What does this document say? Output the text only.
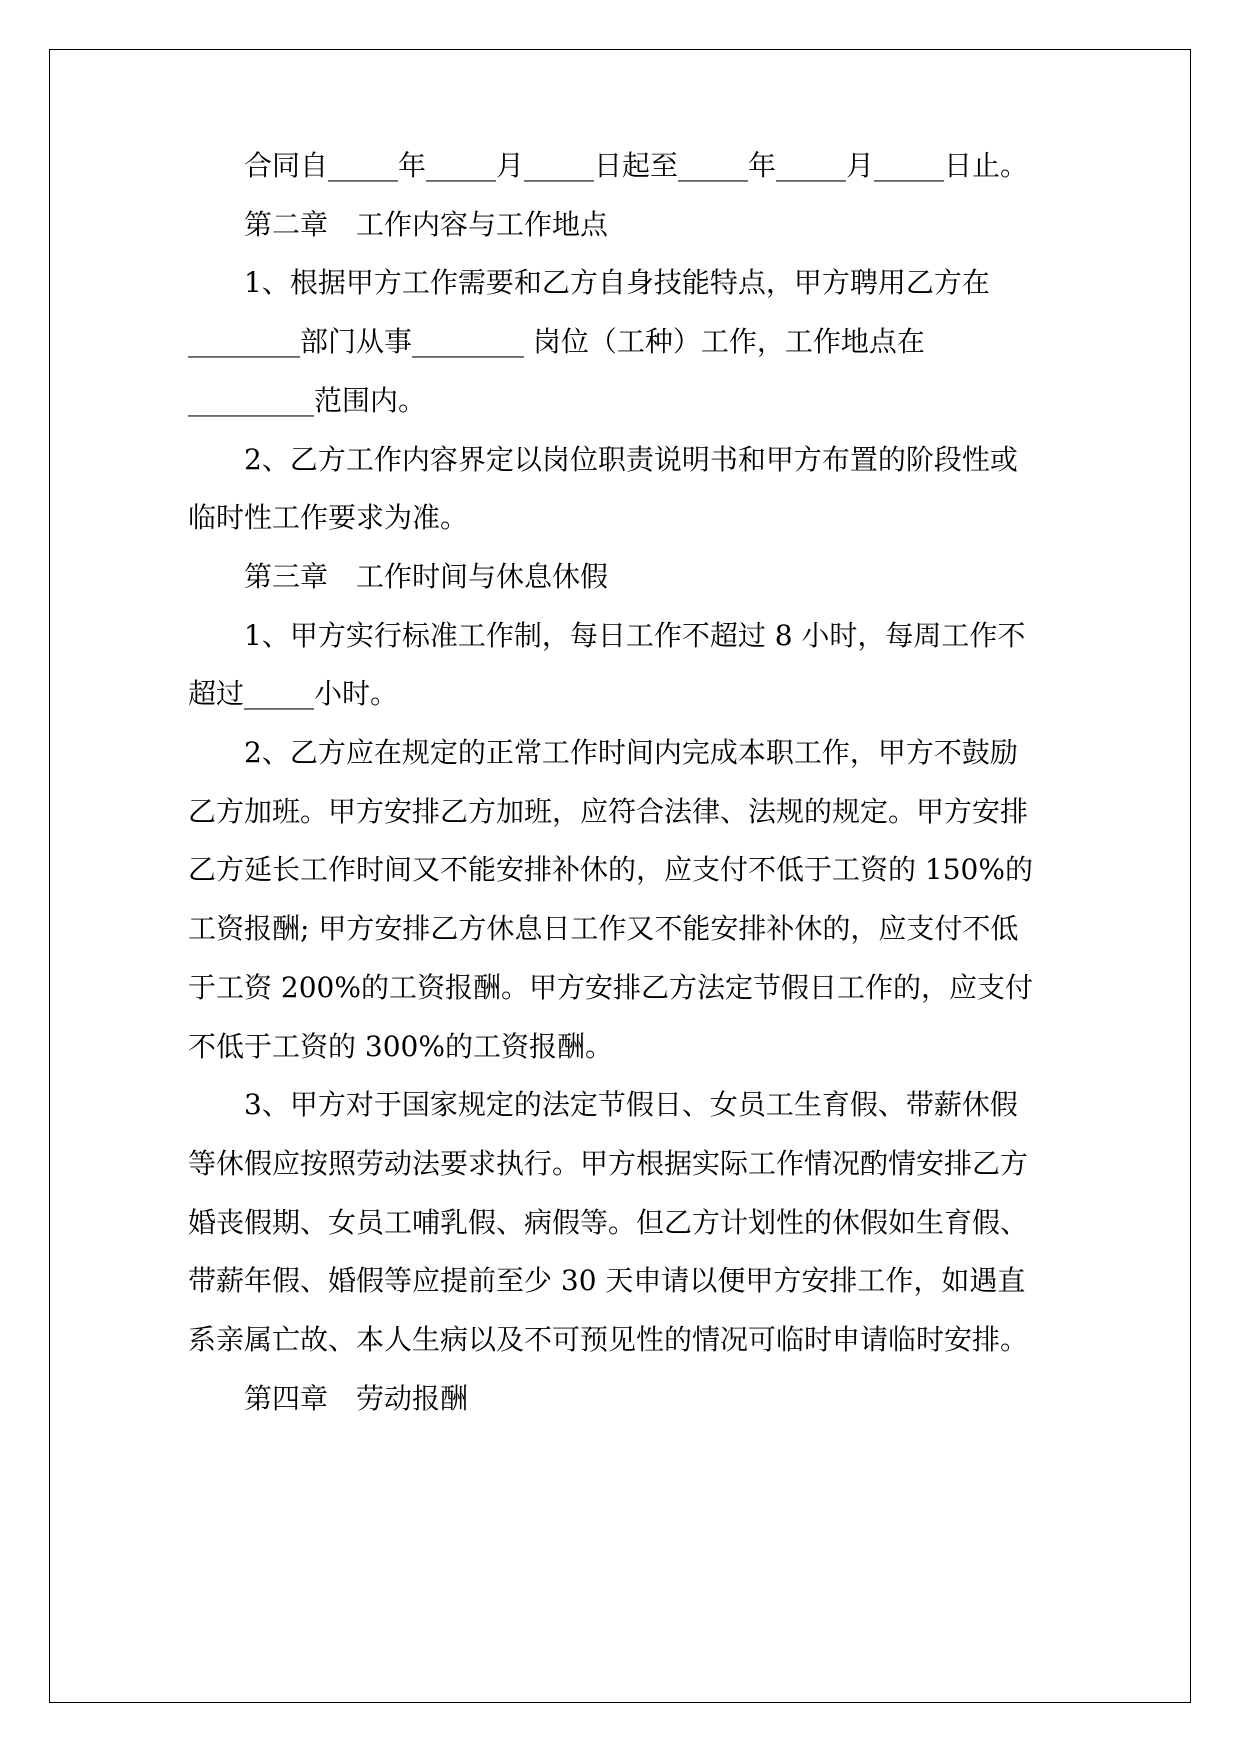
合同自_____年_____月_____日起至_____年_____月_____日止。
第二章　工作内容与工作地点
1、根据甲方工作需要和乙方自身技能特点，甲方聘用乙方在
________部门从事________ 岗位（工种）工作，工作地点在
_________范围内。
2、乙方工作内容界定以岗位职责说明书和甲方布置的阶段性或
临时性工作要求为准。
第三章　工作时间与休息休假
1、甲方实行标准工作制，每日工作不超过 8 小时，每周工作不
超过_____小时。
2、乙方应在规定的正常工作时间内完成本职工作，甲方不鼓励
乙方加班。甲方安排乙方加班，应符合法律、法规的规定。甲方安排
乙方延长工作时间又不能安排补休的，应支付不低于工资的 150%的
工资报酬; 甲方安排乙方休息日工作又不能安排补休的，应支付不低
于工资 200%的工资报酬。甲方安排乙方法定节假日工作的，应支付
不低于工资的 300%的工资报酬。
3、甲方对于国家规定的法定节假日、女员工生育假、带薪休假
等休假应按照劳动法要求执行。甲方根据实际工作情况酌情安排乙方
婚丧假期、女员工哺乳假、病假等。但乙方计划性的休假如生育假、
带薪年假、婚假等应提前至少 30 天申请以便甲方安排工作，如遇直
系亲属亡故、本人生病以及不可预见性的情况可临时申请临时安排。
第四章　劳动报酬
